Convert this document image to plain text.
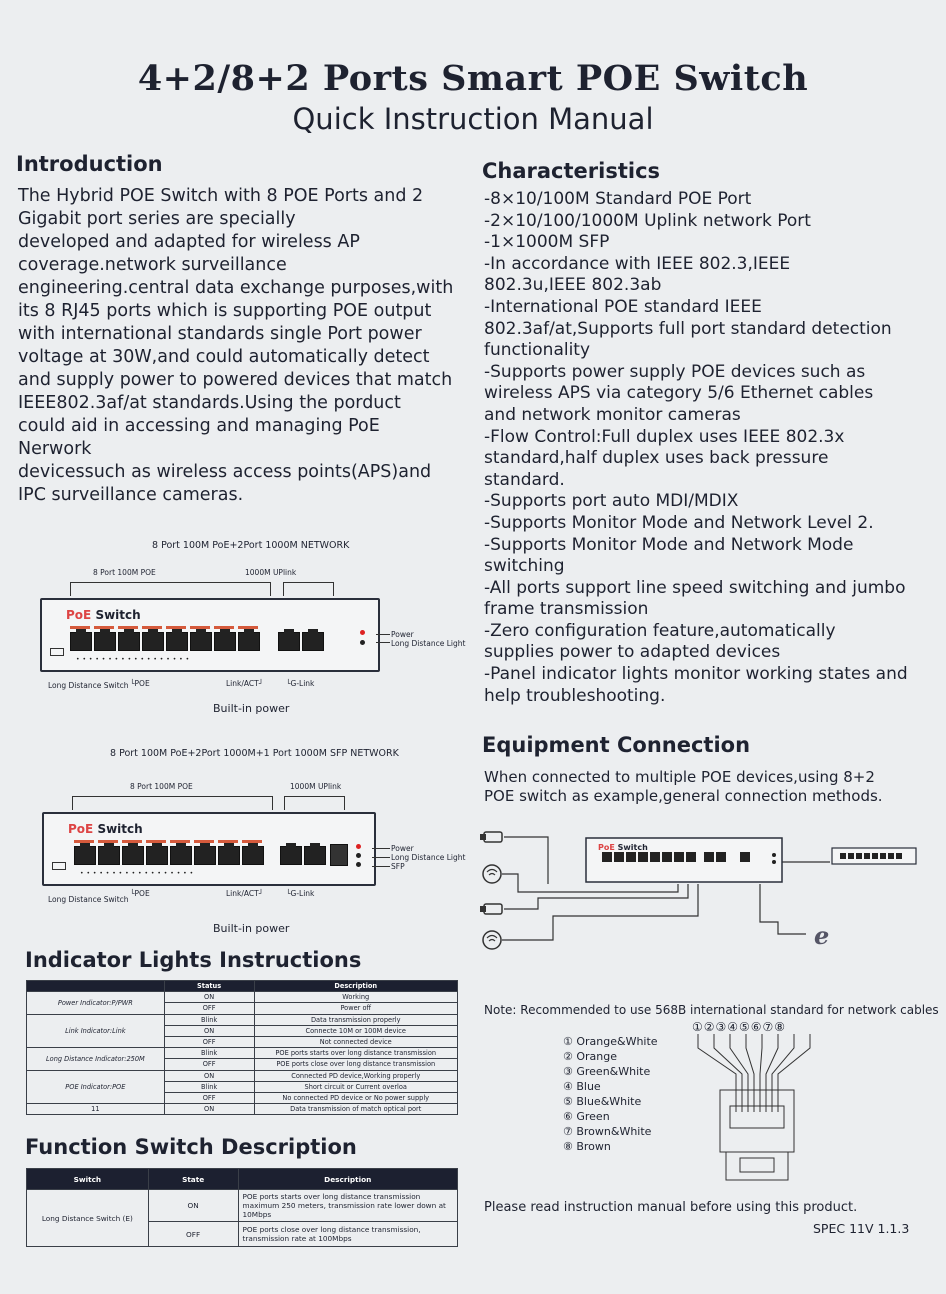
4+2/8+2 Ports Smart POE Switch
Quick Instruction Manual
Introduction
The Hybrid POE Switch with 8 POE Ports and 2
Gigabit port series are specially
developed and adapted for wireless AP
coverage.network surveillance
engineering.central data exchange purposes,with
its 8 RJ45 ports which is supporting POE output
with international standards single Port power
voltage at 30W,and could automatically detect
and supply power to powered devices that match
IEEE802.3af/at standards.Using the porduct
could aid in accessing and managing PoE
Nerwork
devicessuch as wireless access points(APS)and
IPC surveillance cameras.
Characteristics
-8×10/100M Standard POE Port
-2×10/100/1000M Uplink network Port
-1×1000M SFP
-In accordance with IEEE 802.3,IEEE
802.3u,IEEE 802.3ab
-International POE standard IEEE
802.3af/at,Supports full port standard detection
functionality
-Supports power supply POE devices such as
wireless APS via category 5/6 Ethernet cables
and network monitor cameras
-Flow Control:Full duplex uses IEEE 802.3x
standard,half duplex uses back pressure
standard.
-Supports port auto MDI/MDIX
-Supports Monitor Mode and Network Level 2.
-Supports Monitor Mode and Network Mode
switching
-All ports support line speed switching and jumbo
frame transmission
-Zero configuration feature,automatically
supplies power to adapted devices
-Panel indicator lights monitor working states and
help troubleshooting.
8 Port 100M PoE+2Port 1000M NETWORK
8 Port 100M POE	1000M UPlink
PoE Switch
• • • • • • • • • • • • • • • • • •
Power
Long Distance Light
Long Distance Switch └POE	Link/ACT┘	└G-Link
Built-in power
8 Port 100M PoE+2Port 1000M+1 Port 1000M SFP NETWORK
8 Port 100M POE	1000M UPlink
PoE Switch
• • • • • • • • • • • • • • • • • •
Power
Long Distance Light
SFP
Long Distance Switch
└POE	Link/ACT┘	└G-Link
Built-in power
Indicator Lights Instructions
	Status	Description
Power Indicator:P/PWR	ON	Working
	OFF	Power off
Link Indicator:Link	Blink	Data transmission properly
	ON	Connecte 10M or 100M device
	OFF	Not connected device
Long Distance Indicator:250M	Blink	POE ports starts over long distance transmission
	OFF	POE ports close over long distance transmission
POE Indicator:POE	ON	Connected PD device,Working properly
	Blink	Short circuit or Current overloa
	OFF	No connected PD device or No power supply
11	ON	Data transmission of match optical port
Function Switch Description
Switch	State	Description
Long Distance Switch (E)	ON	POE ports starts over long distance transmission maximum 250 meters, transmission rate lower down at 10Mbps
	OFF	POE ports close over long distance transmission, transmission rate at 100Mbps
Equipment Connection
When connected to multiple POE devices,using 8+2
POE switch as example,general connection methods.
e
PoE Switch
Note: Recommended to use 568B international standard for network cables
①②③④⑤⑥⑦⑧
① Orange&White
② Orange
③ Green&White
④ Blue
⑤ Blue&White
⑥ Green
⑦ Brown&White
⑧ Brown
Please read instruction manual before using this product.
SPEC 11V 1.1.3
